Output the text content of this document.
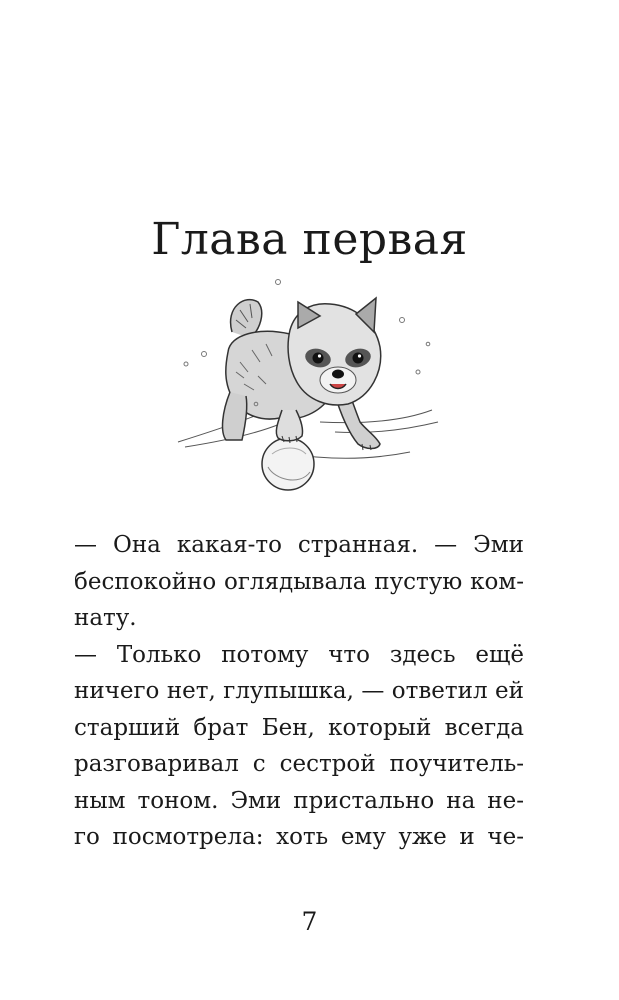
Глава первая
— Она какая-то странная. — Эми
беспокойно оглядывала пустую ком-
нату.
— Только потому что здесь ещё
ничего нет, глупышка, — ответил ей
старший брат Бен, который всегда
разговаривал с сестрой поучитель-
ным тоном. Эми пристально на не-
го посмотрела: хоть ему уже и че-
7
